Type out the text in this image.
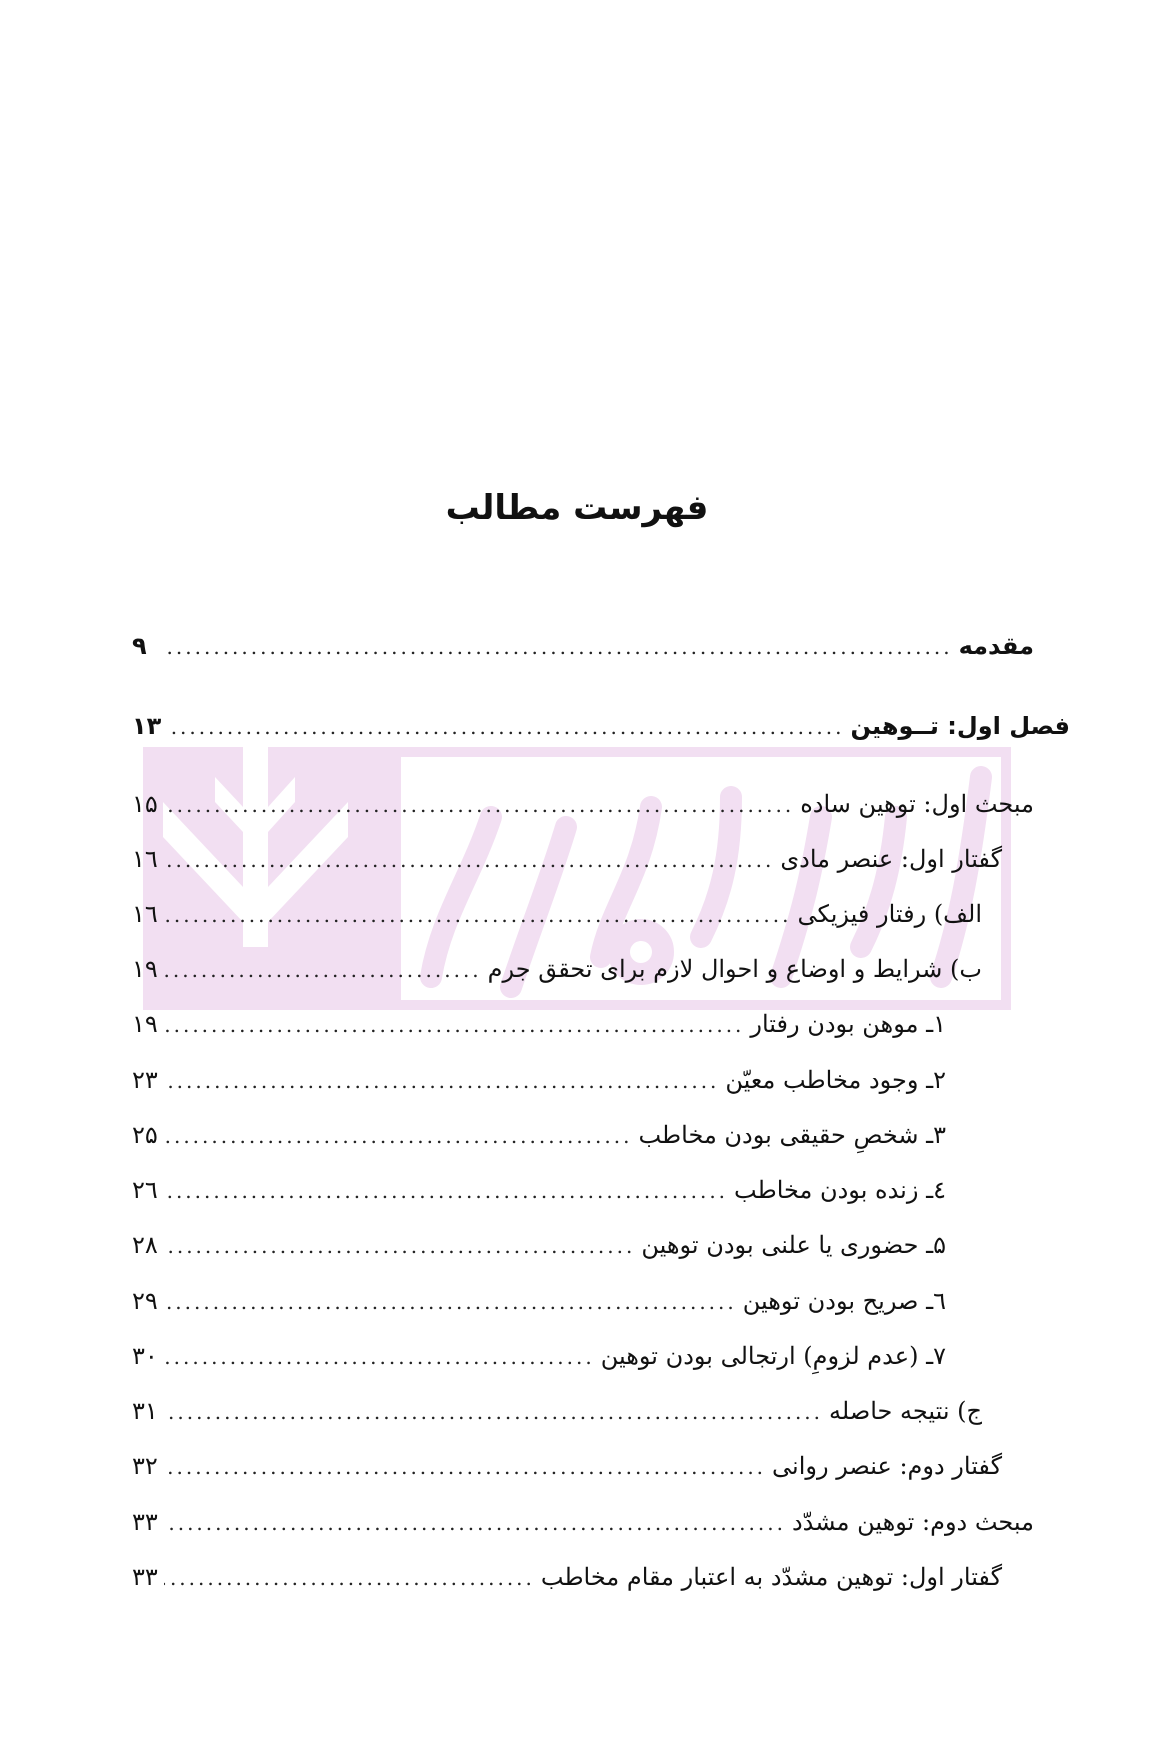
فهرست مطالب
مقدمه
.....
۹
فصل اول: تــوهین
.....
۱۳
مبحث اول: توهین ساده
.....
۱۵
گفتار اول: عنصر مادی
.....
۱٦
الف) رفتار فیزیکی
.....
۱٦
ب) شرایط و اوضاع و احوال لازم برای تحقق جرم
.....
۱۹
۱ـ موهن بودن رفتار
.....
۱۹
۲ـ وجود مخاطب معیّن
.....
۲۳
۳ـ شخصِ حقیقی بودن مخاطب
.....
۲۵
٤ـ زنده بودن مخاطب
.....
۲٦
۵ـ حضوری یا علنی بودن توهین
.....
۲۸
٦ـ صریح بودن توهین
.....
۲۹
۷ـ (عدم لزومِ) ارتجالی بودن توهین
.....
۳۰
ج) نتیجه حاصله
.....
۳۱
گفتار دوم: عنصر روانی
.....
۳۲
مبحث دوم: توهین مشدّد
.....
۳۳
گفتار اول: توهین مشدّد به اعتبار مقام مخاطب
.....
۳۳
